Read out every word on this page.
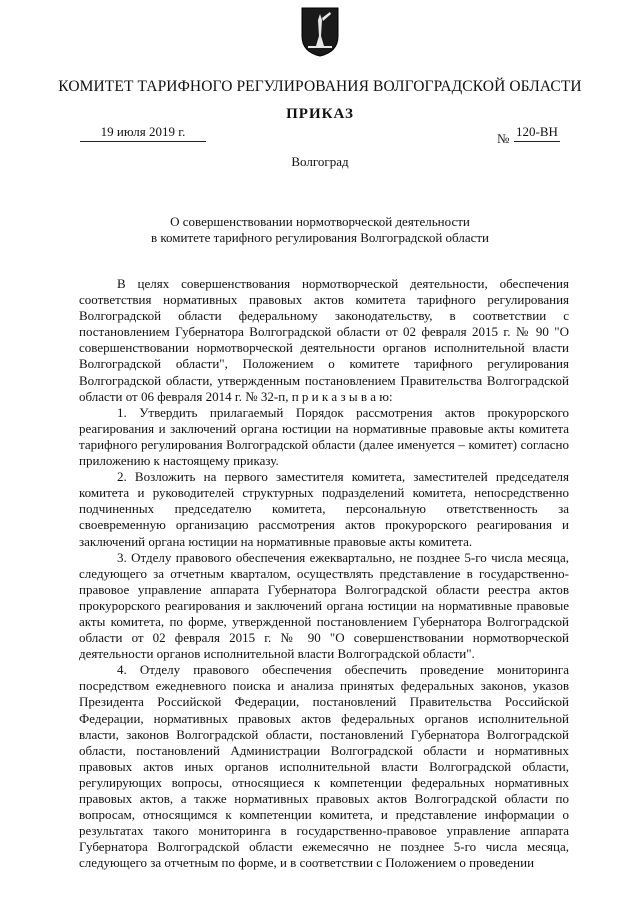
КОМИТЕТ ТАРИФНОГО РЕГУЛИРОВАНИЯ ВОЛГОГРАДСКОЙ ОБЛАСТИ
ПРИКАЗ
19 июля 2019 г.	№ 120-ВН
Волгоград
О совершенствовании нормотворческой деятельности
в комитете тарифного регулирования Волгоградской области

В целях совершенствования нормотворческой деятельности, обеспечения соответствия нормативных правовых актов комитета тарифного регулирования Волгоградской области федеральному законодательству, в соответствии с постановлением Губернатора Волгоградской области от 02 февраля 2015 г. № 90 "О совершенствовании нормотворческой деятельности органов исполнительной власти Волгоградской области", Положением о комитете тарифного регулирования Волгоградской области, утвержденным постановлением Правительства Волгоградской области от 06 февраля 2014 г. № 32-п, п р и к а з ы в а ю:

1. Утвердить прилагаемый Порядок рассмотрения актов прокурорского реагирования и заключений органа юстиции на нормативные правовые акты комитета тарифного регулирования Волгоградской области (далее именуется – комитет) согласно приложению к настоящему приказу.

2. Возложить на первого заместителя комитета, заместителей председателя комитета и руководителей структурных подразделений комитета, непосредственно подчиненных председателю комитета, персональную ответственность за своевременную организацию рассмотрения актов прокурорского реагирования и заключений органа юстиции на нормативные правовые акты комитета.

3. Отделу правового обеспечения ежеквартально, не позднее 5-го числа месяца, следующего за отчетным кварталом, осуществлять представление в государственно-правовое управление аппарата Губернатора Волгоградской области реестра актов прокурорского реагирования и заключений органа юстиции на нормативные правовые акты комитета, по форме, утвержденной постановлением Губернатора Волгоградской области от 02 февраля 2015 г. № 90 "О совершенствовании нормотворческой деятельности органов исполнительной власти Волгоградской области".

4. Отделу правового обеспечения обеспечить проведение мониторинга посредством ежедневного поиска и анализа принятых федеральных законов, указов Президента Российской Федерации, постановлений Правительства Российской Федерации, нормативных правовых актов федеральных органов исполнительной власти, законов Волгоградской области, постановлений Губернатора Волгоградской области, постановлений Администрации Волгоградской области и нормативных правовых актов иных органов исполнительной власти Волгоградской области, регулирующих вопросы, относящиеся к компетенции федеральных нормативных правовых актов, а также нормативных правовых актов Волгоградской области по вопросам, относящимся к компетенции комитета, и представление информации о результатах такого мониторинга в государственно-правовое управление аппарата Губернатора Волгоградской области ежемесячно не позднее 5-го числа месяца, следующего за отчетным по форме, и в соответствии с Положением о проведении
